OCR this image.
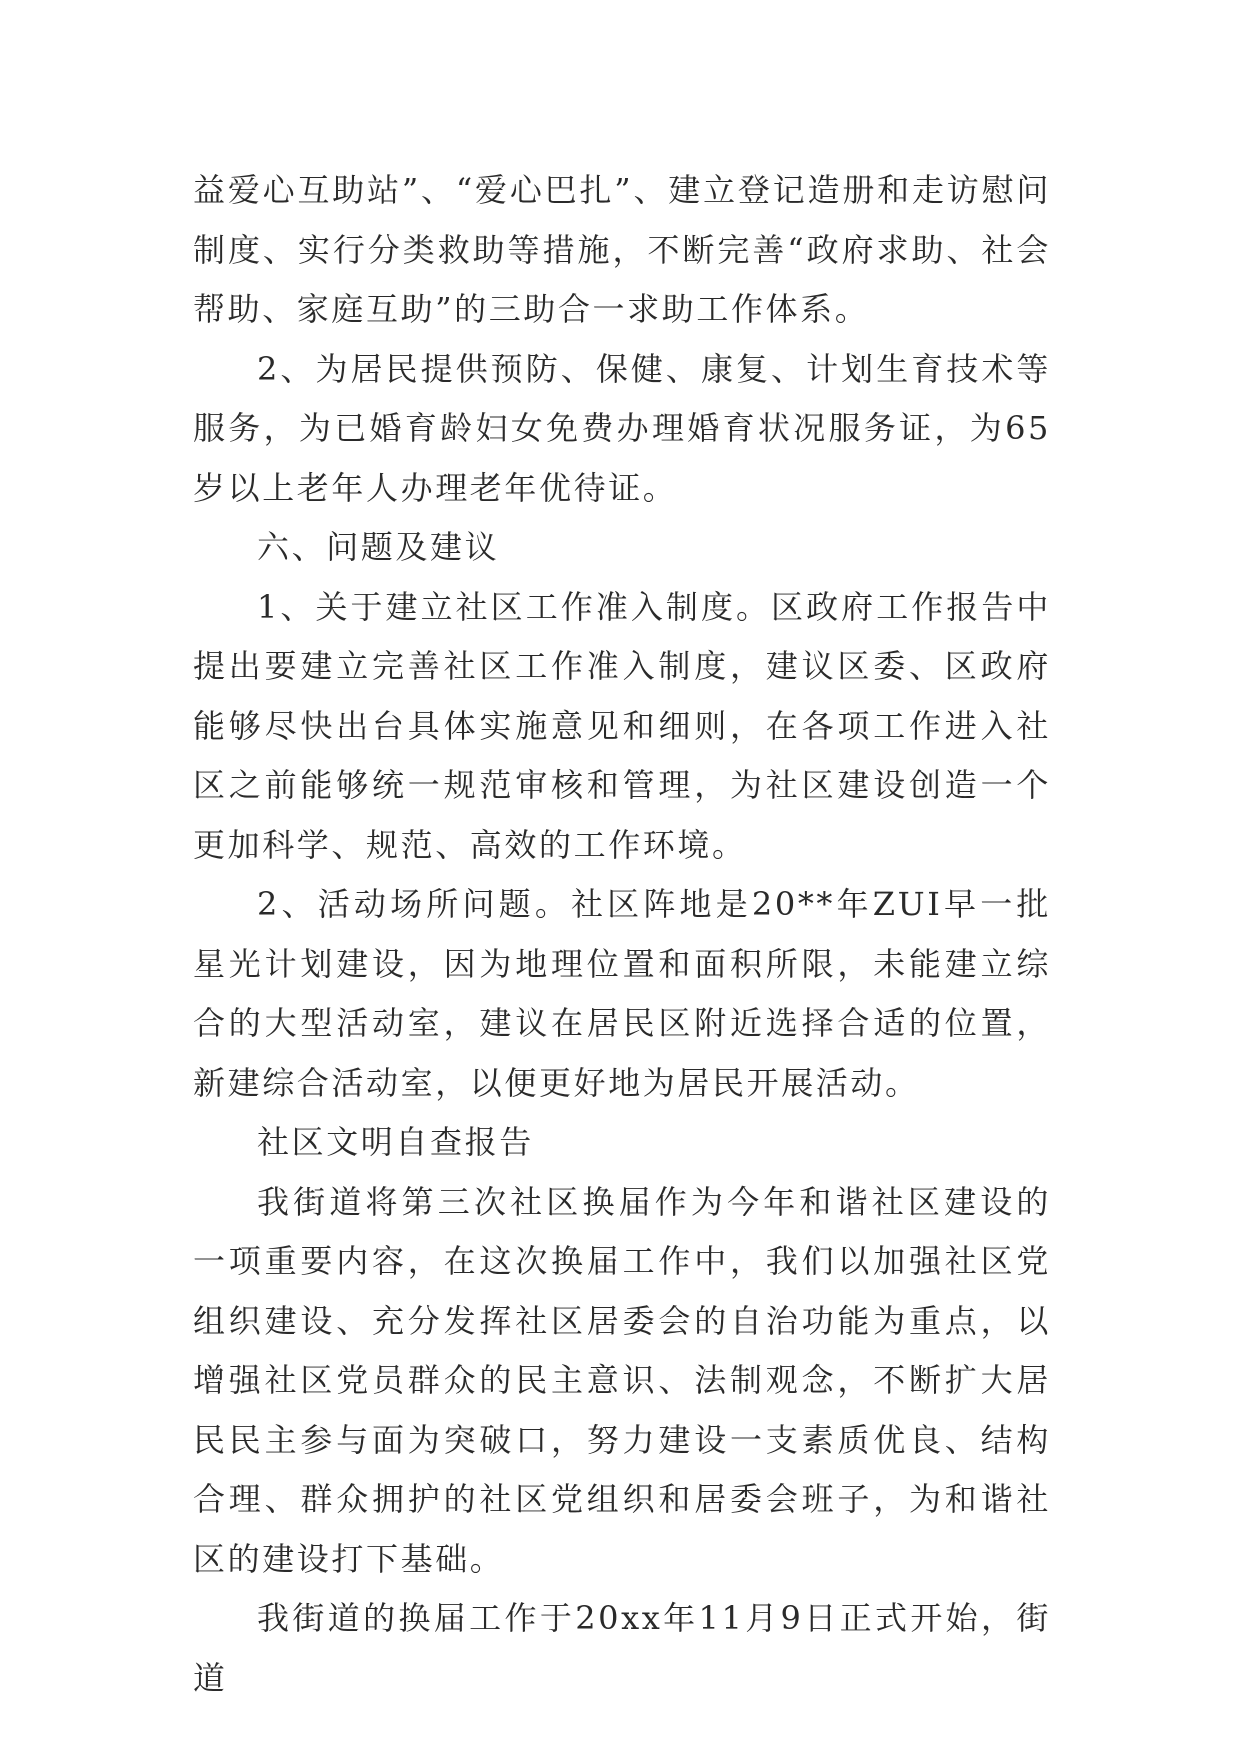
益爱心互助站”、“爱心巴扎”、建立登记造册和走访慰问制度、实行分类救助等措施，不断完善“政府求助、社会帮助、家庭互助”的三助合一求助工作体系。

2、为居民提供预防、保健、康复、计划生育技术等服务，为已婚育龄妇女免费办理婚育状况服务证，为65岁以上老年人办理老年优待证。

六、问题及建议

1、关于建立社区工作准入制度。区政府工作报告中提出要建立完善社区工作准入制度，建议区委、区政府能够尽快出台具体实施意见和细则，在各项工作进入社区之前能够统一规范审核和管理，为社区建设创造一个更加科学、规范、高效的工作环境。

2、活动场所问题。社区阵地是20**年ZUI早一批星光计划建设，因为地理位置和面积所限，未能建立综合的大型活动室，建议在居民区附近选择合适的位置，新建综合活动室，以便更好地为居民开展活动。

社区文明自查报告

我街道将第三次社区换届作为今年和谐社区建设的一项重要内容，在这次换届工作中，我们以加强社区党组织建设、充分发挥社区居委会的自治功能为重点，以增强社区党员群众的民主意识、法制观念，不断扩大居民民主参与面为突破口，努力建设一支素质优良、结构合理、群众拥护的社区党组织和居委会班子，为和谐社区的建设打下基础。

我街道的换届工作于20xx年11月9日正式开始，街道
